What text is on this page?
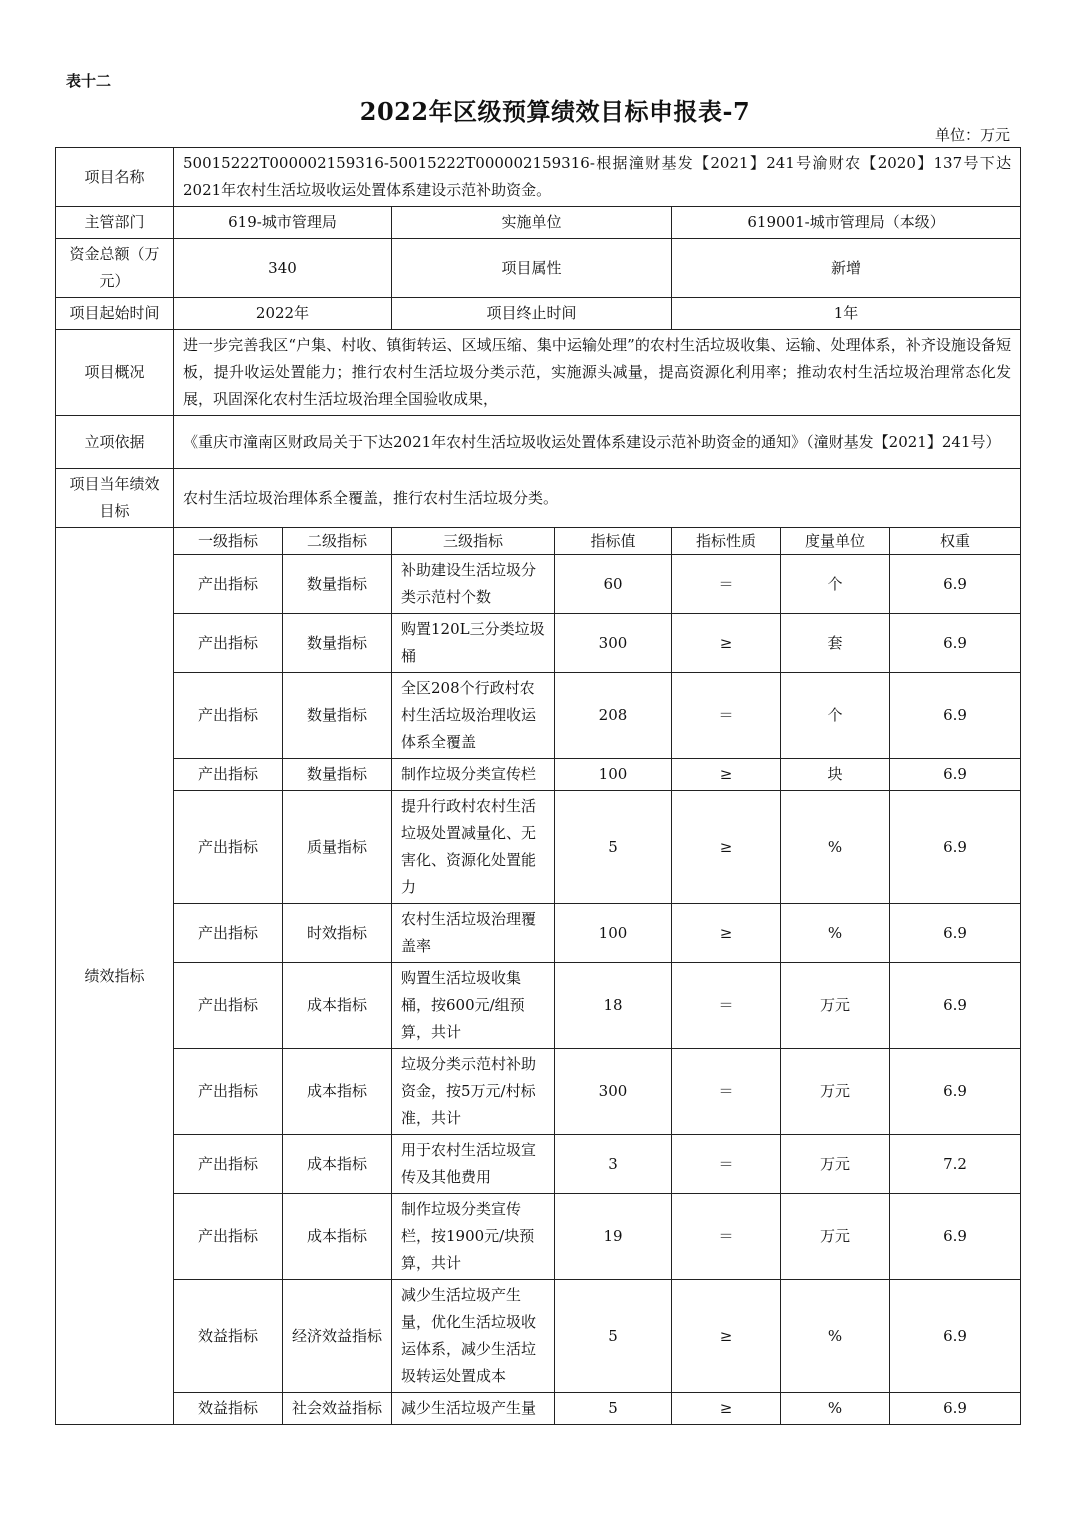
表十二
2022年区级预算绩效目标申报表-7
单位：万元
项目名称	50015222T000002159316-50015222T000002159316-根据潼财基发【2021】241号渝财农【2020】137号下达2021年农村生活垃圾收运处置体系建设示范补助资金。						
主管部门	619-城市管理局		实施单位		619001-城市管理局（本级）		
资金总额（万元）	340		项目属性		新增		
项目起始时间	2022年		项目终止时间		1年		
项目概况	进一步完善我区“户集、村收、镇街转运、区域压缩、集中运输处理”的农村生活垃圾收集、运输、处理体系，补齐设施设备短板，提升收运处置能力；推行农村生活垃圾分类示范，实施源头减量，提高资源化利用率；推动农村生活垃圾治理常态化发展，巩固深化农村生活垃圾治理全国验收成果，						
立项依据	《重庆市潼南区财政局关于下达2021年农村生活垃圾收运处置体系建设示范补助资金的通知》（潼财基发【2021】241号）						
项目当年绩效目标	农村生活垃圾治理体系全覆盖，推行农村生活垃圾分类。						
绩效指标	一级指标	二级指标	三级指标	指标值	指标性质	度量单位	权重
	产出指标	数量指标	补助建设生活垃圾分类示范村个数	60	＝	个	6.9
	产出指标	数量指标	购置120L三分类垃圾桶	300	≥	套	6.9
	产出指标	数量指标	全区208个行政村农村生活垃圾治理收运体系全覆盖	208	＝	个	6.9
	产出指标	数量指标	制作垃圾分类宣传栏	100	≥	块	6.9
	产出指标	质量指标	提升行政村农村生活垃圾处置减量化、无害化、资源化处置能力	5	≥	%	6.9
	产出指标	时效指标	农村生活垃圾治理覆盖率	100	≥	%	6.9
	产出指标	成本指标	购置生活垃圾收集桶，按600元/组预算，共计	18	＝	万元	6.9
	产出指标	成本指标	垃圾分类示范村补助资金，按5万元/村标准，共计	300	＝	万元	6.9
	产出指标	成本指标	用于农村生活垃圾宣传及其他费用	3	＝	万元	7.2
	产出指标	成本指标	制作垃圾分类宣传栏，按1900元/块预算，共计	19	＝	万元	6.9
	效益指标	经济效益指标	减少生活垃圾产生量，优化生活垃圾收运体系，减少生活垃圾转运处置成本	5	≥	%	6.9
	效益指标	社会效益指标	减少生活垃圾产生量	5	≥	%	6.9
